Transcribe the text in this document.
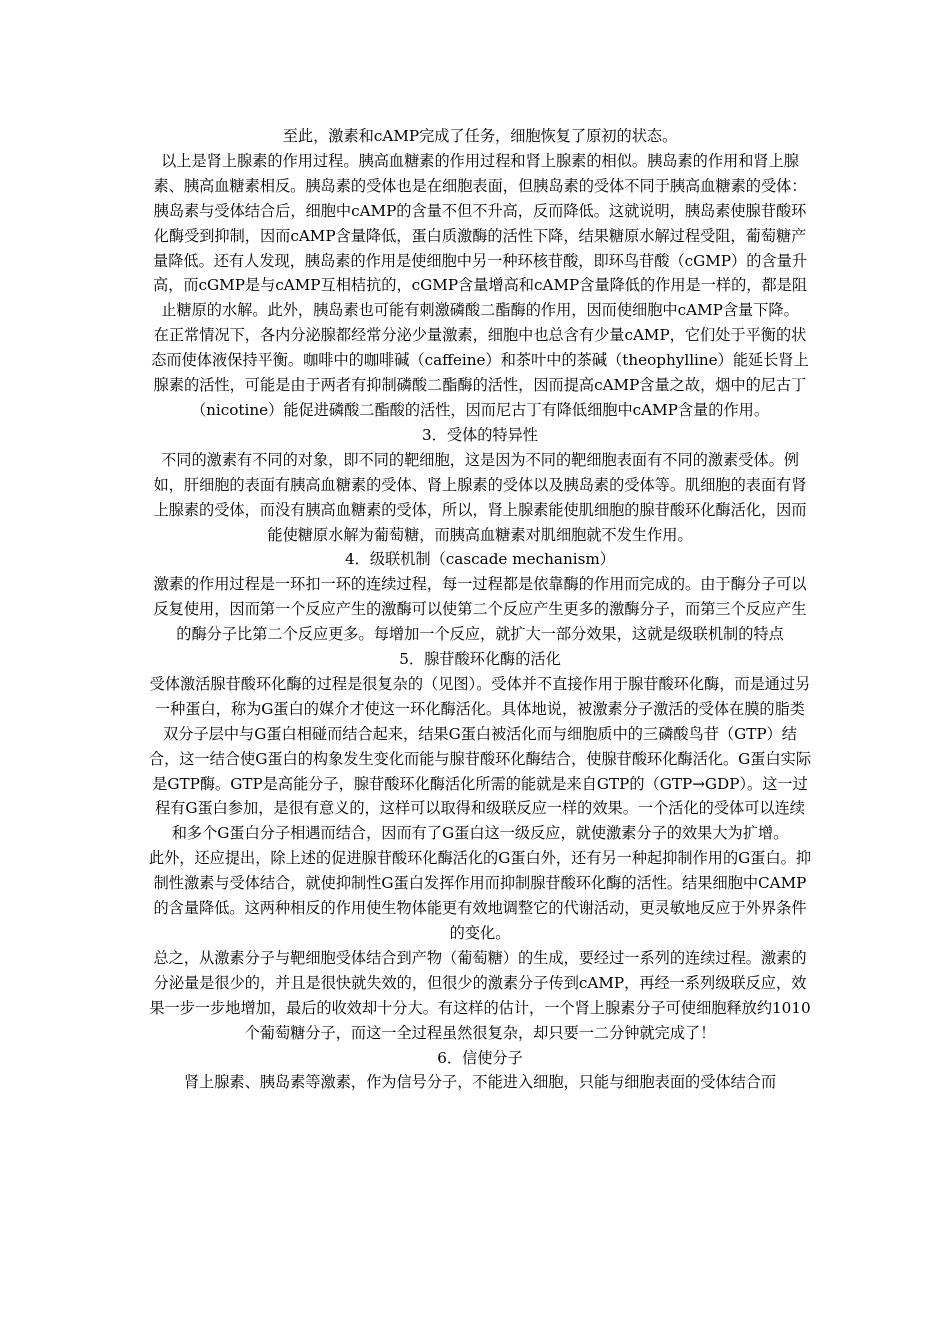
至此，激素和cAMP完成了任务，细胞恢复了原初的状态。

以上是肾上腺素的作用过程。胰高血糖素的作用过程和肾上腺素的相似。胰岛素的作用和肾上腺素、胰高血糖素相反。胰岛素的受体也是在细胞表面，但胰岛素的受体不同于胰高血糖素的受体：胰岛素与受体结合后，细胞中cAMP的含量不但不升高，反而降低。这就说明，胰岛素使腺苷酸环化酶受到抑制，因而cAMP含量降低，蛋白质激酶的活性下降，结果糖原水解过程受阻，葡萄糖产量降低。还有人发现，胰岛素的作用是使细胞中另一种环核苷酸，即环鸟苷酸（cGMP）的含量升高，而cGMP是与cAMP互相桔抗的，cGMP含量增高和cAMP含量降低的作用是一样的，都是阻止糖原的水解。此外，胰岛素也可能有刺激磷酸二酯酶的作用，因而使细胞中cAMP含量下降。

在正常情况下，各内分泌腺都经常分泌少量激素，细胞中也总含有少量cAMP，它们处于平衡的状态而使体液保持平衡。咖啡中的咖啡碱（caffeine）和茶叶中的茶碱（theophylline）能延长肾上腺素的活性，可能是由于两者有抑制磷酸二酯酶的活性，因而提高cAMP含量之故，烟中的尼古丁（nicotine）能促进磷酸二酯酸的活性，因而尼古丁有降低细胞中cAMP含量的作用。

3．受体的特异性

不同的激素有不同的对象，即不同的靶细胞，这是因为不同的靶细胞表面有不同的激素受体。例如，肝细胞的表面有胰高血糖素的受体、肾上腺素的受体以及胰岛素的受体等。肌细胞的表面有肾上腺素的受体，而没有胰高血糖素的受体，所以，肾上腺素能使肌细胞的腺苷酸环化酶活化，因而能使糖原水解为葡萄糖，而胰高血糖素对肌细胞就不发生作用。

4．级联机制（cascade mechanism）

激素的作用过程是一环扣一环的连续过程，每一过程都是依靠酶的作用而完成的。由于酶分子可以反复使用，因而第一个反应产生的激酶可以使第二个反应产生更多的激酶分子，而第三个反应产生的酶分子比第二个反应更多。每增加一个反应，就扩大一部分效果，这就是级联机制的特点

5．腺苷酸环化酶的活化

受体激活腺苷酸环化酶的过程是很复杂的（见图）。受体并不直接作用于腺苷酸环化酶，而是通过另一种蛋白，称为G蛋白的媒介才使这一环化酶活化。具体地说，被激素分子激活的受体在膜的脂类双分子层中与G蛋白相碰而结合起来，结果G蛋白被活化而与细胞质中的三磷酸鸟苷（GTP）结合，这一结合使G蛋白的构象发生变化而能与腺苷酸环化酶结合，使腺苷酸环化酶活化。G蛋白实际是GTP酶。GTP是高能分子，腺苷酸环化酶活化所需的能就是来自GTP的（GTP→GDP）。这一过程有G蛋白参加，是很有意义的，这样可以取得和级联反应一样的效果。一个活化的受体可以连续和多个G蛋白分子相遇而结合，因而有了G蛋白这一级反应，就使激素分子的效果大为扩增。

此外，还应提出，除上述的促进腺苷酸环化酶活化的G蛋白外，还有另一种起抑制作用的G蛋白。抑制性激素与受体结合，就使抑制性G蛋白发挥作用而抑制腺苷酸环化酶的活性。结果细胞中CAMP的含量降低。这两种相反的作用使生物体能更有效地调整它的代谢活动，更灵敏地反应于外界条件的变化。

总之，从激素分子与靶细胞受体结合到产物（葡萄糖）的生成，要经过一系列的连续过程。激素的分泌量是很少的，并且是很快就失效的，但很少的激素分子传到cAMP，再经一系列级联反应，效果一步一步地增加，最后的收效却十分大。有这样的估计，一个肾上腺素分子可使细胞释放约1010个葡萄糖分子，而这一全过程虽然很复杂，却只要一二分钟就完成了！

6．信使分子

肾上腺素、胰岛素等激素，作为信号分子，不能进入细胞，只能与细胞表面的受体结合而
